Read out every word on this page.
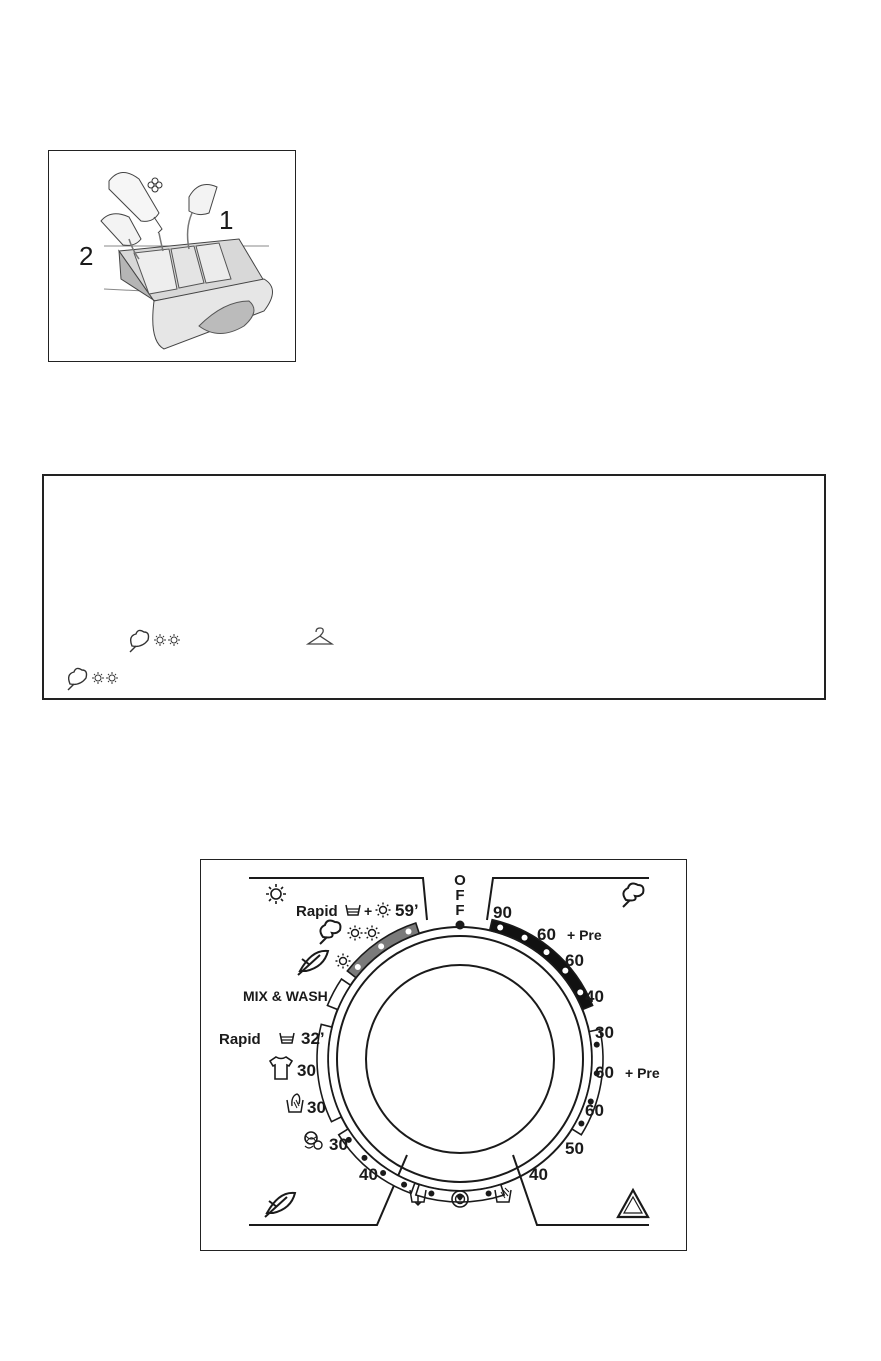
1
2
O
F
F
Rapid + 59’
MIX & WASH
Rapid 32’
30
30
30
40
90
60
60
40
30
+ Pre
60
60
50
40
+ Pre
